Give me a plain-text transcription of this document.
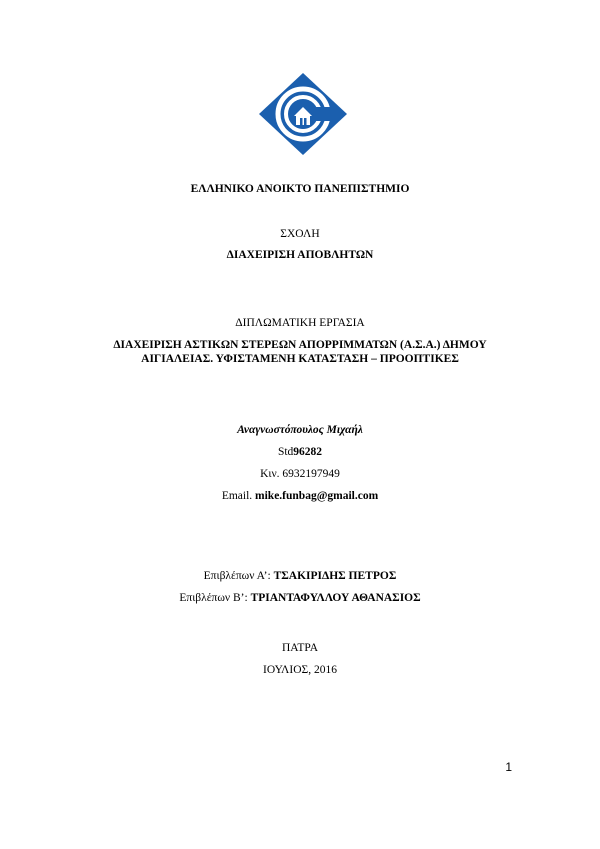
ΕΛΛΗΝΙΚΟ ΑΝΟΙΚΤΟ ΠΑΝΕΠΙΣΤΗΜΙΟ
ΣΧΟΛΗ
ΔΙΑΧΕΙΡΙΣΗ ΑΠΟΒΛΗΤΩΝ
ΔΙΠΛΩΜΑΤΙΚΗ ΕΡΓΑΣΙΑ
ΔΙΑΧΕΙΡΙΣΗ ΑΣΤΙΚΩΝ ΣΤΕΡΕΩΝ ΑΠΟΡΡΙΜΜΑΤΩΝ (Α.Σ.Α.) ΔΗΜΟΥ
ΑΙΓΙΑΛΕΙΑΣ. ΥΦΙΣΤΑΜΕΝΗ ΚΑΤΑΣΤΑΣΗ – ΠΡΟΟΠΤΙΚΕΣ
Αναγνωστόπουλος Μιχαήλ
Std96282
Κιν. 6932197949
Email. mike.funbag@gmail.com
Επιβλέπων Α’: ΤΣΑΚΙΡΙΔΗΣ ΠΕΤΡΟΣ
Επιβλέπων Β’: ΤΡΙΑΝΤΑΦΥΛΛΟΥ ΑΘΑΝΑΣΙΟΣ
ΠΑΤΡΑ
ΙΟΥΛΙΟΣ, 2016
1
